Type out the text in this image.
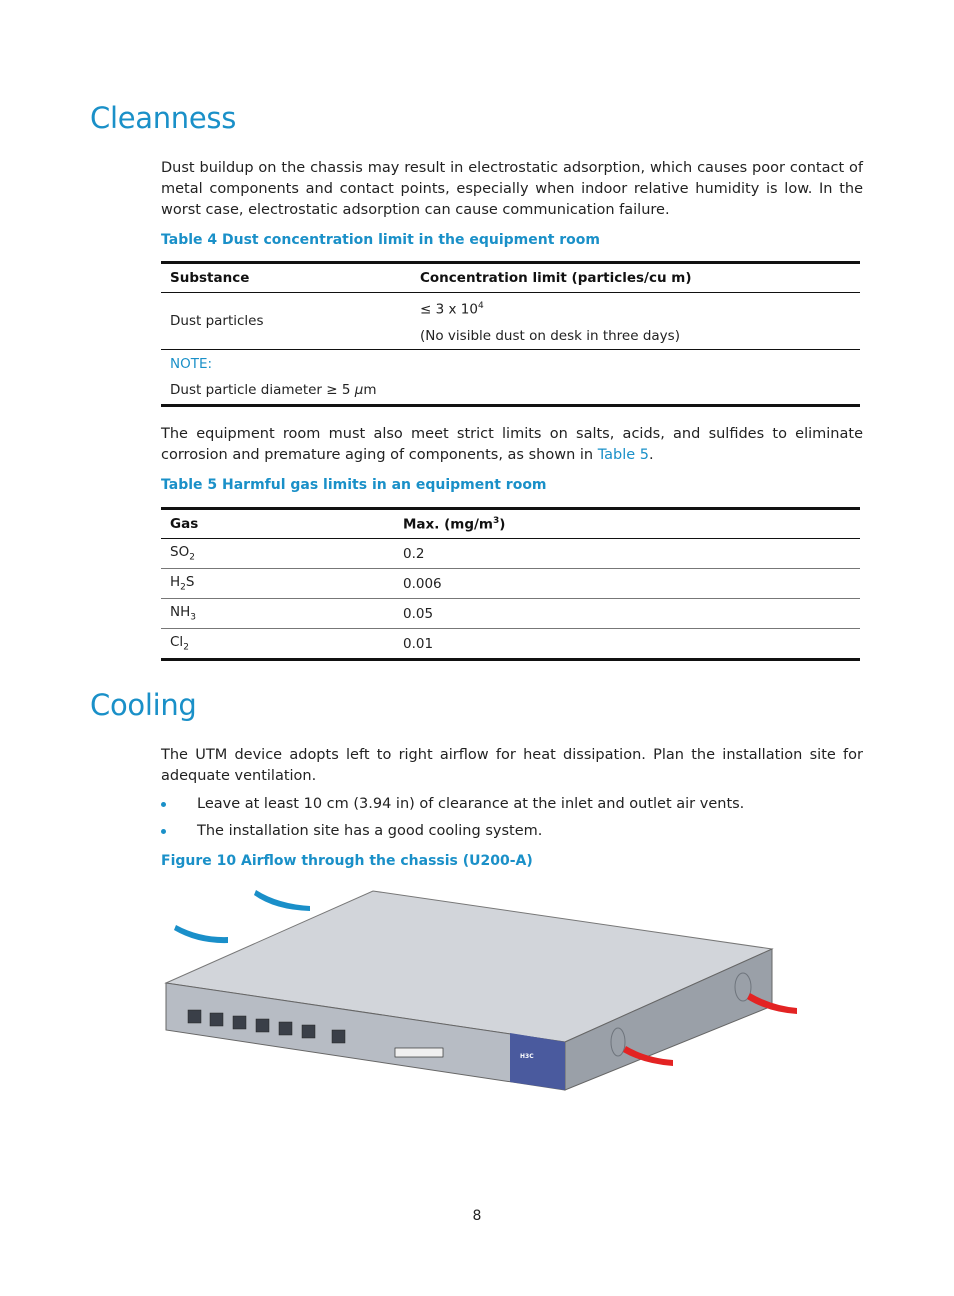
Cleanness

Dust buildup on the chassis may result in electrostatic adsorption, which causes poor contact of metal components and contact points, especially when indoor relative humidity is low. In the worst case, electrostatic adsorption can cause communication failure.

Table 4 Dust concentration limit in the equipment room

Substance	Concentration limit (particles/cu m)
Dust particles	≤ 3 x $10^4$
(No visible dust on desk in three days)

NOTE:
Dust particle diameter ≥ 5 μm	

The equipment room must also meet strict limits on salts, acids, and sulfides to eliminate corrosion and premature aging of components, as shown in Table 5.

Table 5 Harmful gas limits in an equipment room

Gas	Max. $(mg/m^3)$
$SO_2$	0.2
$H_2S$	0.006
$NH_3$	0.05
$Cl_2$	0.01
Cooling

The UTM device adopts left to right airflow for heat dissipation. Plan the installation site for adequate ventilation.

Leave at least 10 cm (3.94 in) of clearance at the inlet and outlet air vents.
The installation site has a good cooling system.

Figure 10 Airflow through the chassis (U200-A)

H3C
8
